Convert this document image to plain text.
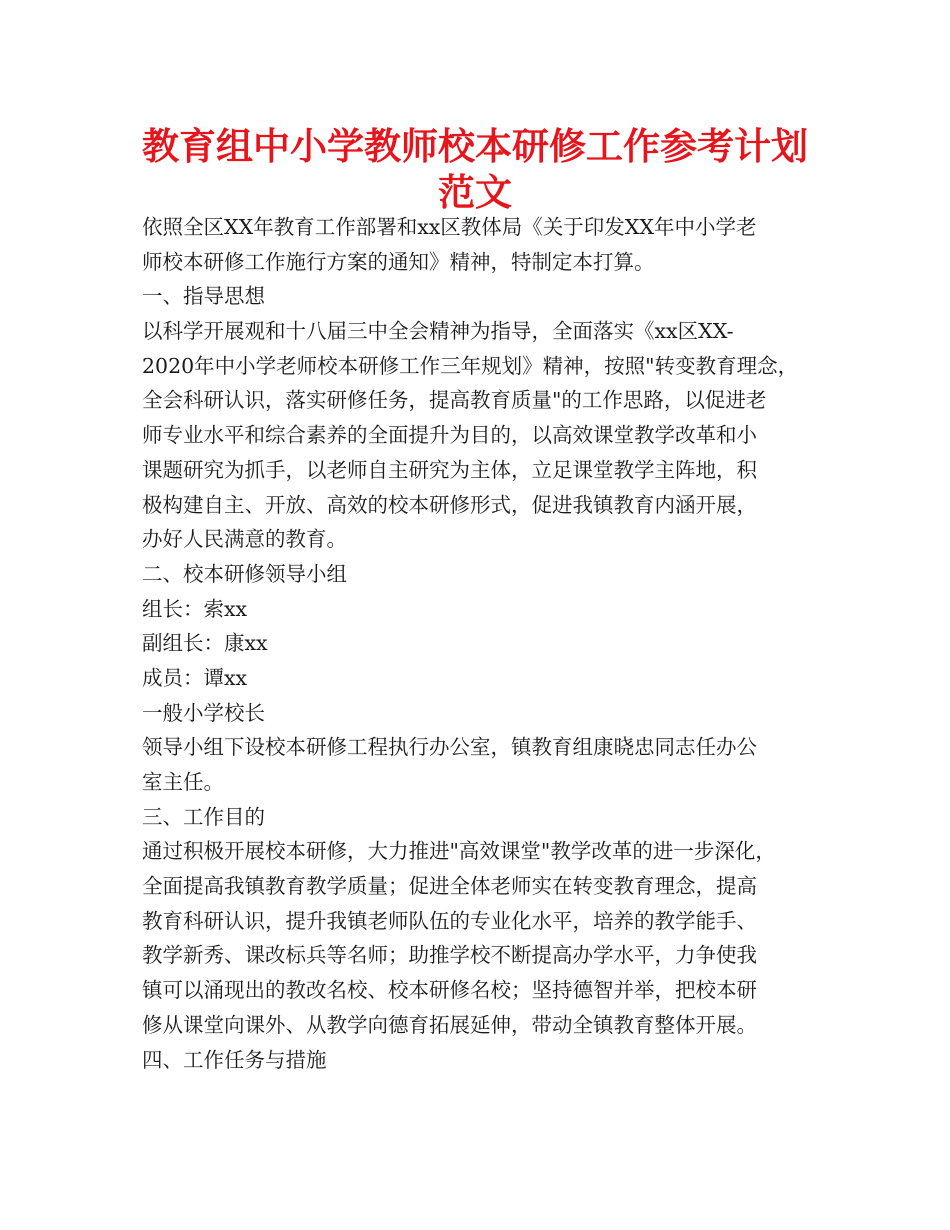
教育组中小学教师校本研修工作参考计划
范文
依照全区XX年教育工作部署和xx区教体局《关于印发XX年中小学老
师校本研修工作施行方案的通知》精神，特制定本打算。
一、指导思想
以科学开展观和十八届三中全会精神为指导，全面落实《xx区XX-
2020年中小学老师校本研修工作三年规划》精神，按照"转变教育理念，
全会科研认识，落实研修任务，提高教育质量"的工作思路，以促进老
师专业水平和综合素养的全面提升为目的，以高效课堂教学改革和小
课题研究为抓手，以老师自主研究为主体，立足课堂教学主阵地，积
极构建自主、开放、高效的校本研修形式，促进我镇教育内涵开展，
办好人民满意的教育。
二、校本研修领导小组
组长：索xx
副组长：康xx
成员：谭xx
一般小学校长
领导小组下设校本研修工程执行办公室，镇教育组康晓忠同志任办公
室主任。
三、工作目的
通过积极开展校本研修，大力推进"高效课堂"教学改革的进一步深化，
全面提高我镇教育教学质量；促进全体老师实在转变教育理念，提高
教育科研认识，提升我镇老师队伍的专业化水平，培养的教学能手、
教学新秀、课改标兵等名师；助推学校不断提高办学水平，力争使我
镇可以涌现出的教改名校、校本研修名校；坚持德智并举，把校本研
修从课堂向课外、从教学向德育拓展延伸，带动全镇教育整体开展。
四、工作任务与措施
